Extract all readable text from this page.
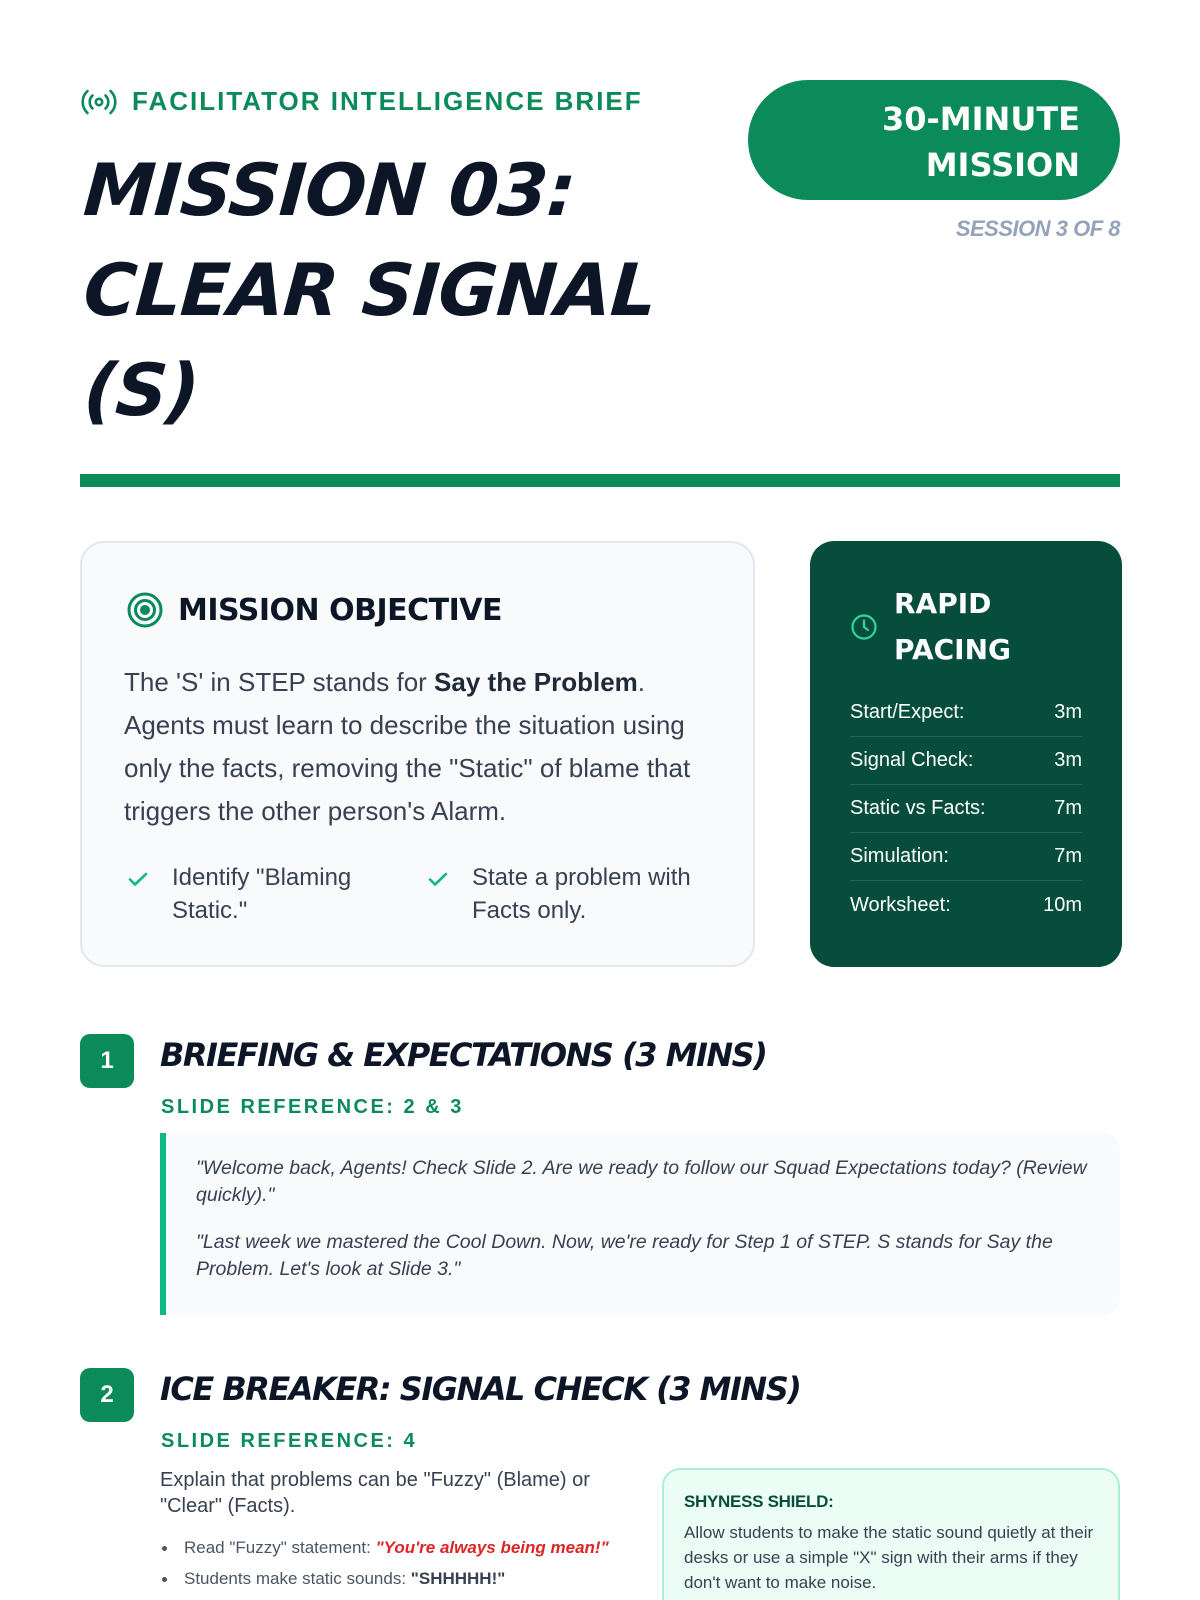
FACILITATOR INTELLIGENCE BRIEF
MISSION 03:
CLEAR SIGNAL
(S)
30-MINUTE
MISSION
SESSION 3 OF 8
MISSION OBJECTIVE
The 'S' in STEP stands for Say the Problem. Agents must learn to describe the situation using only the facts, removing the "Static" of blame that triggers the other person's Alarm.
Identify "Blaming Static."
State a problem with Facts only.
RAPID
PACING
Start/Expect:	3m
Signal Check:	3m
Static vs Facts:	7m
Simulation:	7m
Worksheet:	10m
1	BRIEFING & EXPECTATIONS (3 MINS)
SLIDE REFERENCE: 2 & 3

"Welcome back, Agents! Check Slide 2. Are we ready to follow our Squad Expectations today? (Review quickly)."

"Last week we mastered the Cool Down. Now, we're ready for Step 1 of STEP. S stands for Say the Problem. Let's look at Slide 3."

2	ICE BREAKER: SIGNAL CHECK (3 MINS)
SLIDE REFERENCE: 4
Explain that problems can be "Fuzzy" (Blame) or "Clear" (Facts).
Read "Fuzzy" statement: "You're always being mean!"
Students make static sounds: "SHHHHH!"
SHYNESS SHIELD:
Allow students to make the static sound quietly at their desks or use a simple "X" sign with their arms if they don't want to make noise.
